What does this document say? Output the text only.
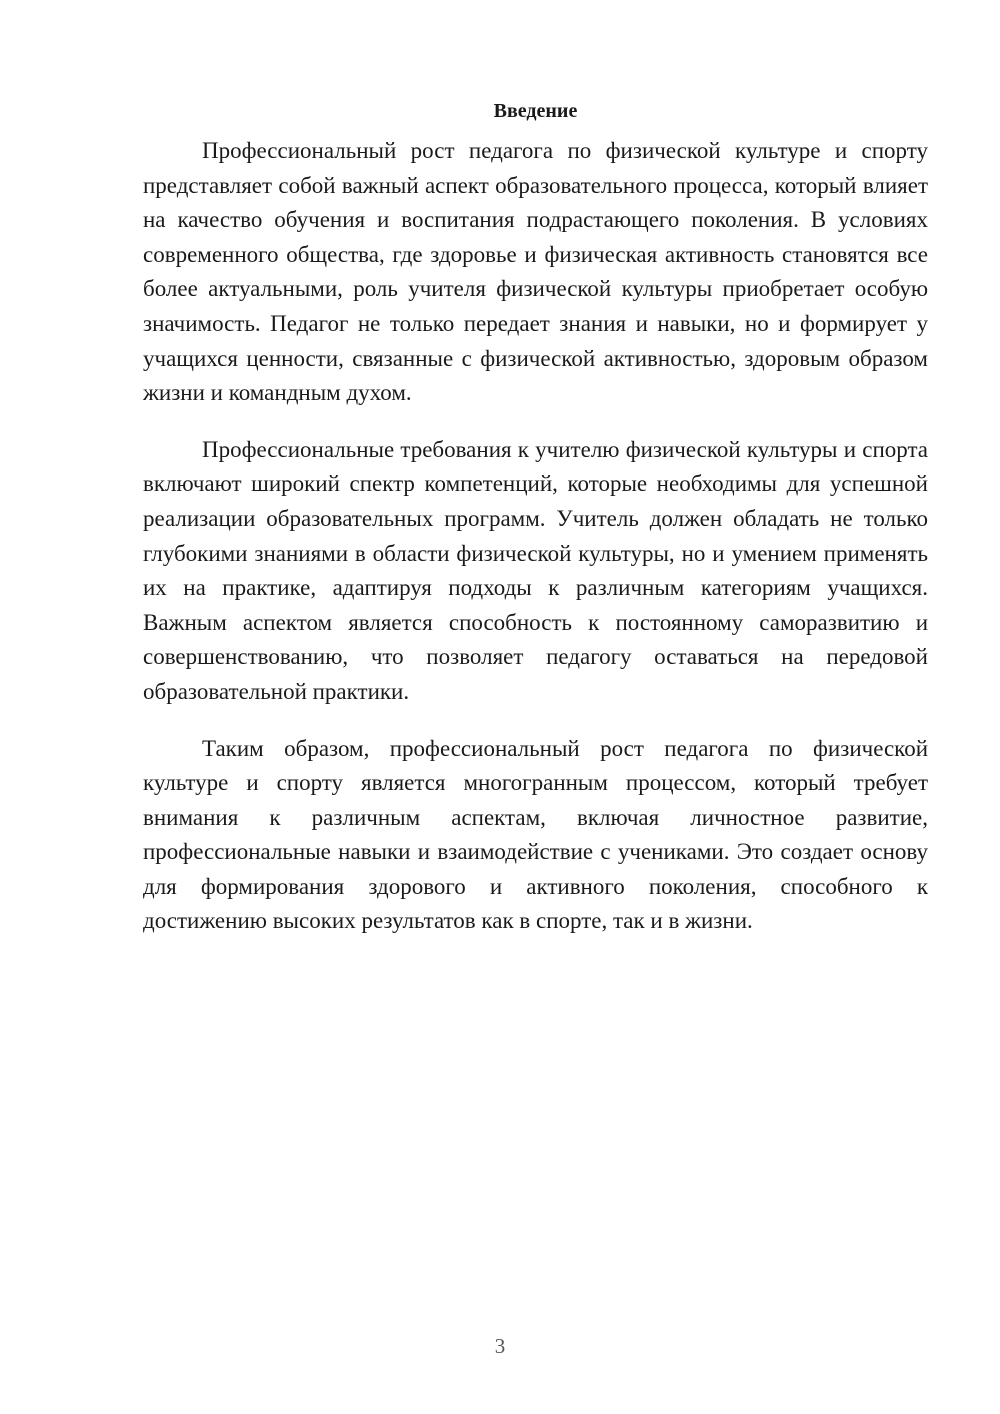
Введение

Профессиональный рост педагога по физической культуре и спорту представляет собой важный аспект образовательного процесса, который влияет на качество обучения и воспитания подрастающего поколения. В условиях современного общества, где здоровье и физическая активность становятся все более актуальными, роль учителя физической культуры приобретает особую значимость. Педагог не только передает знания и навыки, но и формирует у учащихся ценности, связанные с физической активностью, здоровым образом жизни и командным духом.

Профессиональные требования к учителю физической культуры и спорта включают широкий спектр компетенций, которые необходимы для успешной реализации образовательных программ. Учитель должен обладать не только глубокими знаниями в области физической культуры, но и умением применять их на практике, адаптируя подходы к различным категориям учащихся. Важным аспектом является способность к постоянному саморазвитию и совершенствованию, что позволяет педагогу оставаться на передовой образовательной практики.

Таким образом, профессиональный рост педагога по физической культуре и спорту является многогранным процессом, который требует внимания к различным аспектам, включая личностное развитие, профессиональные навыки и взаимодействие с учениками. Это создает основу для формирования здорового и активного поколения, способного к достижению высоких результатов как в спорте, так и в жизни.

3
